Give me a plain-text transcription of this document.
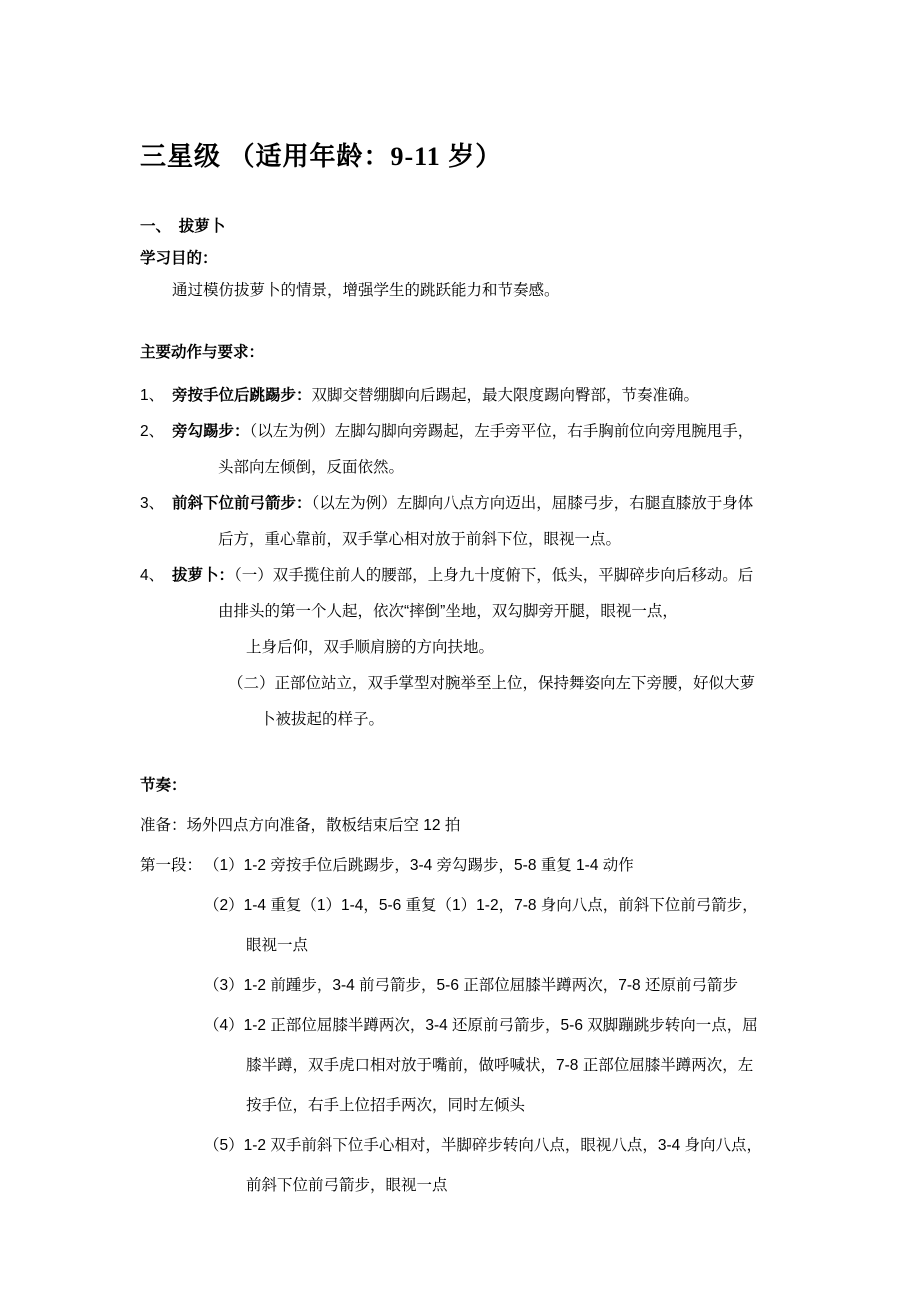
三星级 （适用年龄：9-11 岁）
一、　拔萝卜
学习目的：
通过模仿拔萝卜的情景，增强学生的跳跃能力和节奏感。
主要动作与要求：
1、 旁按手位后跳踢步：双脚交替绷脚向后踢起，最大限度踢向臀部，节奏准确。
2、 旁勾踢步：（以左为例）左脚勾脚向旁踢起，左手旁平位，右手胸前位向旁甩腕甩手，
头部向左倾倒，反面依然。
3、 前斜下位前弓箭步：（以左为例）左脚向八点方向迈出，屈膝弓步，右腿直膝放于身体
后方，重心靠前，双手掌心相对放于前斜下位，眼视一点。
4、 拔萝卜：（一）双手揽住前人的腰部，上身九十度俯下，低头，平脚碎步向后移动。后
由排头的第一个人起，依次“摔倒”坐地，双勾脚旁开腿，眼视一点，
上身后仰，双手顺肩膀的方向扶地。
（二）正部位站立，双手掌型对腕举至上位，保持舞姿向左下旁腰，好似大萝
卜被拔起的样子。
节奏：
准备：场外四点方向准备，散板结束后空 12 拍
第一段： （1）1-2 旁按手位后跳踢步，3-4 旁勾踢步，5-8 重复 1-4 动作
（2）1-4 重复（1）1-4，5-6 重复（1）1-2，7-8 身向八点，前斜下位前弓箭步，
眼视一点
（3）1-2 前踵步，3-4 前弓箭步，5-6 正部位屈膝半蹲两次，7-8 还原前弓箭步
（4）1-2 正部位屈膝半蹲两次，3-4 还原前弓箭步，5-6 双脚蹦跳步转向一点，屈
膝半蹲，双手虎口相对放于嘴前，做呼喊状，7-8 正部位屈膝半蹲两次，左
按手位，右手上位招手两次，同时左倾头
（5）1-2 双手前斜下位手心相对，半脚碎步转向八点，眼视八点，3-4 身向八点，
前斜下位前弓箭步，眼视一点
